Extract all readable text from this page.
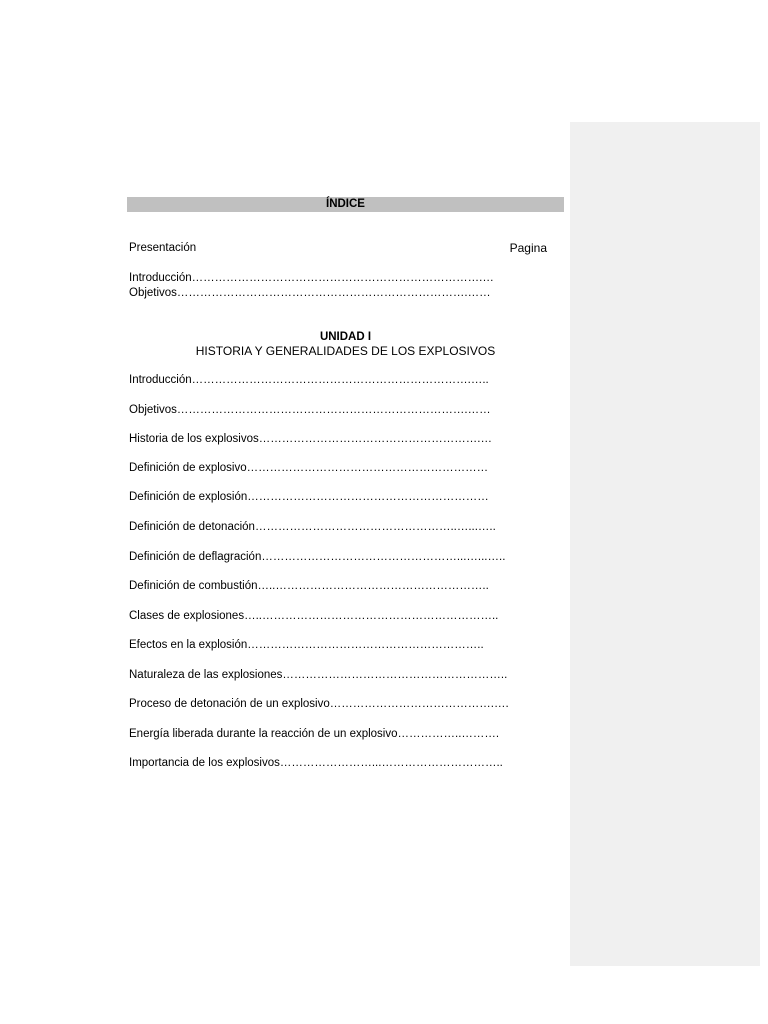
ÍNDICE
Presentación	Pagina
Introducción………………………………………………………………….…
Objetivos………………………………………………………………….……
UNIDAD I
HISTORIA Y GENERALIDADES DE LOS EXPLOSIVOS
Introducción……………………………………………………………….…..
Objetivos………………………………………………………………….……
Historia de los explosivos………………………………………………….…
Definición de explosivo………………………………………………………
Definición de explosión………………………………………………………
Definición de detonación……………………………………………..…...…..
Definición de deflagración……………………………………………...…...…..
Definición de combustión…..………………………………………………..
Clases de explosiones…..……………………………………………………..
Efectos en la explosión……………………………………………………..
Naturaleza de las explosiones…………………………………………………..
Proceso de detonación de un explosivo…………………………………….….
Energía liberada durante la reacción de un explosivo……………..……….
Importancia de los explosivos……………………...…………………………..
